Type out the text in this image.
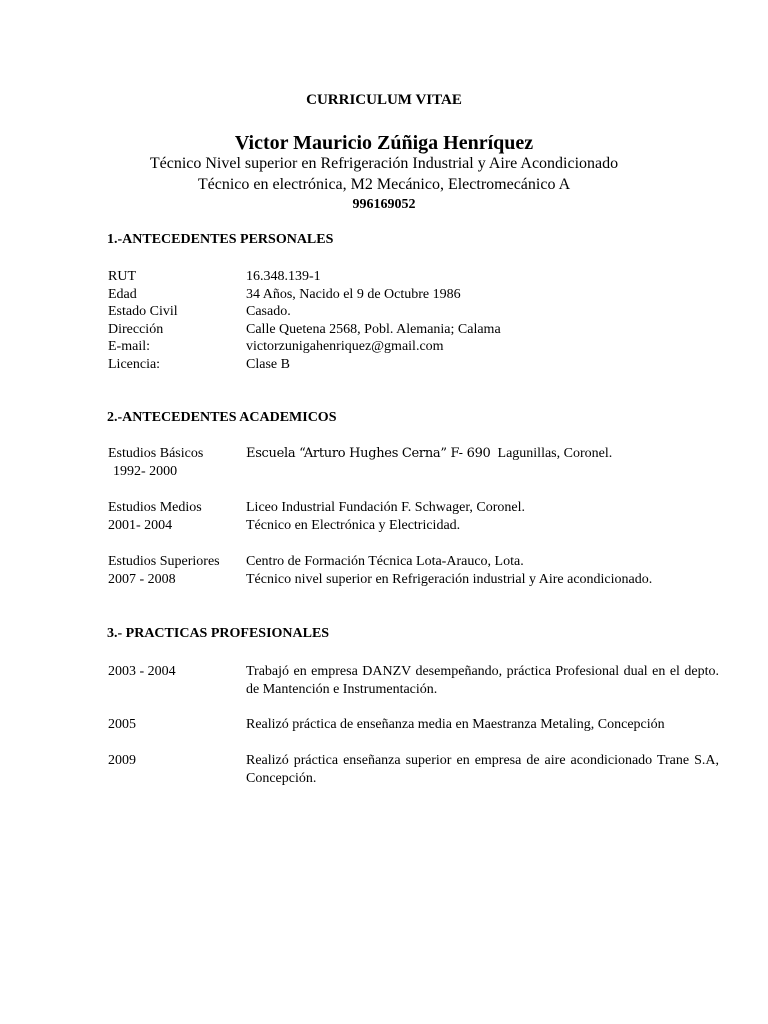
CURRICULUM VITAE
Victor Mauricio Zúñiga Henríquez
Técnico Nivel superior en Refrigeración Industrial y Aire Acondicionado
Técnico en electrónica, M2 Mecánico, Electromecánico A
996169052
1.-ANTECEDENTES PERSONALES
RUT	16.348.139-1
Edad	34 Años, Nacido el 9 de Octubre 1986
Estado Civil	Casado.
Dirección	Calle Quetena 2568, Pobl. Alemania; Calama
E-mail:	victorzunigahenriquez@gmail.com
Licencia:	Clase B
2.-ANTECEDENTES ACADEMICOS
Estudios Básicos	Escuela “Arturo Hughes Cerna” F- 690 Lagunillas, Coronel.
1992- 2000
Estudios Medios	Liceo Industrial Fundación F. Schwager, Coronel.
2001- 2004	Técnico en Electrónica y Electricidad.
Estudios Superiores	Centro de Formación Técnica Lota-Arauco, Lota.
2007 - 2008	Técnico nivel superior en Refrigeración industrial y Aire acondicionado.
3.- PRACTICAS PROFESIONALES
2003 - 2004	Trabajó en empresa DANZV desempeñando, práctica Profesional dual en el depto. de Mantención e Instrumentación.
2005	Realizó práctica de enseñanza media en Maestranza Metaling, Concepción
2009	Realizó práctica enseñanza superior en empresa de aire acondicionado Trane S.A, Concepción.
